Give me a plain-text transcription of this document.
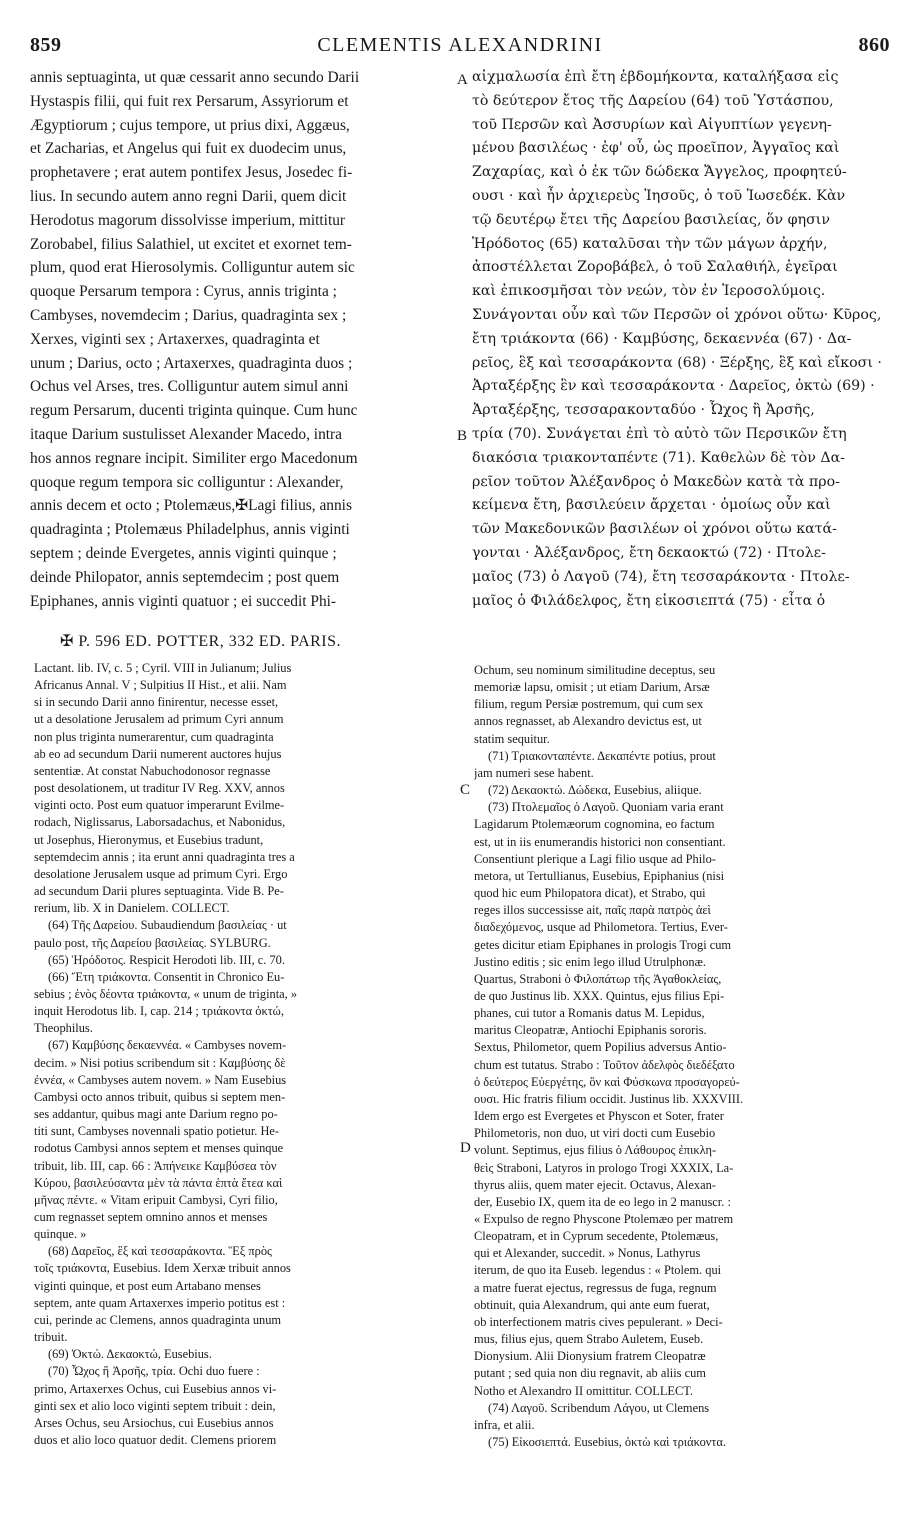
CLEMENTIS ALEXANDRINI
859	860
annis septuaginta, ut quæ cessarit anno secundo Darii
Hystaspis filii, qui fuit rex Persarum, Assyriorum et
Ægyptiorum ; cujus tempore, ut prius dixi, Aggæus,
et Zacharias, et Angelus qui fuit ex duodecim unus,
prophetavere ; erat autem pontifex Jesus, Josedec fi-
lius. In secundo autem anno regni Darii, quem dicit
Herodotus magorum dissolvisse imperium, mittitur
Zorobabel, filius Salathiel, ut excitet et exornet tem-
plum, quod erat Hierosolymis. Colliguntur autem sic
quoque Persarum tempora : Cyrus, annis triginta ;
Cambyses, novemdecim ; Darius, quadraginta sex ;
Xerxes, viginti sex ; Artaxerxes, quadraginta et
unum ; Darius, octo ; Artaxerxes, quadraginta duos ;
Ochus vel Arses, tres. Colliguntur autem simul anni
regum Persarum, ducenti triginta quinque. Cum hunc
itaque Darium sustulisset Alexander Macedo, intra
hos annos regnare incipit. Similiter ergo Macedonum
quoque regum tempora sic colliguntur : Alexander,
annis decem et octo ; Ptolemæus,✠Lagi filius, annis
quadraginta ; Ptolemæus Philadelphus, annis viginti
septem ; deinde Evergetes, annis viginti quinque ;
deinde Philopator, annis septemdecim ; post quem
Epiphanes, annis viginti quatuor ; ei succedit Phi-
αἰχμαλωσία ἐπὶ ἔτη ἑβδομήκοντα, καταλήξασα εἰς
τὸ δεύτερον ἔτος τῆς Δαρείου (64) τοῦ Ὑστάσπου,
τοῦ Περσῶν καὶ Ἀσσυρίων καὶ Αἰγυπτίων γεγενη-
μένου βασιλέως · ἐφ' οὗ, ὡς προεῖπον, Ἀγγαῖος καὶ
Ζαχαρίας, καὶ ὁ ἐκ τῶν δώδεκα Ἄγγελος, προφητεύ-
ουσι · καὶ ἦν ἀρχιερεὺς Ἰησοῦς, ὁ τοῦ Ἰωσεδέκ. Κὰν
τῷ δευτέρῳ ἔτει τῆς Δαρείου βασιλείας, ὅν φησιν
Ἡρόδοτος (65) καταλῦσαι τὴν τῶν μάγων ἀρχήν,
ἀποστέλλεται Ζοροβάβελ, ὁ τοῦ Σαλαθιήλ, ἐγεῖραι
καὶ ἐπικοσμῆσαι τὸν νεών, τὸν ἐν Ἱεροσολύμοις.
Συνάγονται οὖν καὶ τῶν Περσῶν οἱ χρόνοι οὕτω· Κῦρος,
ἔτη τριάκοντα (66) · Καμβύσης, δεκαεννέα (67) · Δα-
ρεῖος, ἓξ καὶ τεσσαράκοντα (68) · Ξέρξης, ἓξ καὶ εἴκοσι ·
Ἀρταξέρξης ἓν καὶ τεσσαράκοντα · Δαρεῖος, ὀκτὼ (69) ·
Ἀρταξέρξης, τεσσαρακονταδύο · Ὦχος ἢ Ἀρσῆς,
τρία (70). Συνάγεται ἐπὶ τὸ αὐτὸ τῶν Περσικῶν ἔτη
διακόσια τριακονταπέντε (71). Καθελὼν δὲ τὸν Δα-
ρεῖον τοῦτον Ἀλέξανδρος ὁ Μακεδὼν κατὰ τὰ προ-
κείμενα ἔτη, βασιλεύειν ἄρχεται · ὁμοίως οὖν καὶ
τῶν Μακεδονικῶν βασιλέων οἱ χρόνοι οὕτω κατά-
γονται · Ἀλέξανδρος, ἔτη δεκαοκτώ (72) · Πτολε-
μαῖος (73) ὁ Λαγοῦ (74), ἔτη τεσσαράκοντα · Πτολε-
μαῖος ὁ Φιλάδελφος, ἔτη εἰκοσιεπτά (75) · εἶτα ὁ
A
B
C
D
✠ P. 596 ED. POTTER, 332 ED. PARIS.
Lactant. lib. IV, c. 5 ; Cyril. VIII in Julianum; Julius
Africanus Annal. V ; Sulpitius II Hist., et alii. Nam
si in secundo Darii anno finirentur, necesse esset,
ut a desolatione Jerusalem ad primum Cyri annum
non plus triginta numerarentur, cum quadraginta
ab eo ad secundum Darii numerent auctores hujus
sententiæ. At constat Nabuchodonosor regnasse
post desolationem, ut traditur IV Reg. XXV, annos
viginti octo. Post eum quatuor imperarunt Evilme-
rodach, Niglissarus, Laborsadachus, et Nabonidus,
ut Josephus, Hieronymus, et Eusebius tradunt,
septemdecim annis ; ita erunt anni quadraginta tres a
desolatione Jerusalem usque ad primum Cyri. Ergo
ad secundum Darii plures septuaginta. Vide B. Pe-
rerium, lib. X in Danielem. COLLECT.
(64) Τῆς Δαρείου. Subaudiendum βασιλείας · ut
paulo post, τῆς Δαρείου βασιλείας. SYLBURG.
(65) Ἡρόδοτος. Respicit Herodoti lib. III, c. 70.
(66) Ἔτη τριάκοντα. Consentit in Chronico Eu-
sebius ; ἑνὸς δέοντα τριάκοντα, « unum de triginta, »
inquit Herodotus lib. I, cap. 214 ; τριάκοντα ὀκτώ,
Theophilus.
(67) Καμβύσης δεκαεννέα. « Cambyses novem-
decim. » Nisi potius scribendum sit : Καμβύσης δὲ
ἐννέα, « Cambyses autem novem. » Nam Eusebius
Cambysi octo annos tribuit, quibus si septem men-
ses addantur, quibus magi ante Darium regno po-
titi sunt, Cambyses novennali spatio potietur. He-
rodotus Cambysi annos septem et menses quinque
tribuit, lib. III, cap. 66 : Ἀπήνεικε Καμβύσεα τὸν
Κύρου, βασιλεύσαντα μὲν τὰ πάντα ἑπτὰ ἔτεα καὶ
μῆνας πέντε. « Vitam eripuit Cambysi, Cyri filio,
cum regnasset septem omnino annos et menses
quinque. »
(68) Δαρεῖος, ἓξ καὶ τεσσαράκοντα. Ἓξ πρὸς
τοῖς τριάκοντα, Eusebius. Idem Xerxæ tribuit annos
viginti quinque, et post eum Artabano menses
septem, ante quam Artaxerxes imperio potitus est :
cui, perinde ac Clemens, annos quadraginta unum
tribuit.
(69) Ὀκτώ. Δεκαοκτώ, Eusebius.
(70) Ὦχος ἢ Ἀρσῆς, τρία. Ochi duo fuere :
primo, Artaxerxes Ochus, cui Eusebius annos vi-
ginti sex et alio loco viginti septem tribuit : dein,
Arses Ochus, seu Arsiochus, cui Eusebius annos
duos et alio loco quatuor dedit. Clemens priorem
Ochum, seu nominum similitudine deceptus, seu
memoriæ lapsu, omisit ; ut etiam Darium, Arsæ
filium, regum Persiæ postremum, qui cum sex
annos regnasset, ab Alexandro devictus est, ut
statim sequitur.
(71) Τριακονταπέντε. Δεκαπέντε potius, prout
jam numeri sese habent.
(72) Δεκαοκτώ. Δώδεκα, Eusebius, aliique.
(73) Πτολεμαῖος ὁ Λαγοῦ. Quoniam varia erant
Lagidarum Ptolemæorum cognomina, eo factum
est, ut in iis enumerandis historici non consentiant.
Consentiunt plerique a Lagi filio usque ad Philo-
metora, ut Tertullianus, Eusebius, Epiphanius (nisi
quod hic eum Philopatora dicat), et Strabo, qui
reges illos successisse ait, παῖς παρὰ πατρὸς ἀεὶ
διαδεχόμενος, usque ad Philometora. Tertius, Ever-
getes dicitur etiam Epiphanes in prologis Trogi cum
Justino editis ; sic enim lego illud Utrulphonæ.
Quartus, Straboni ὁ Φιλοπάτωρ τῆς Ἀγαθοκλείας,
de quo Justinus lib. XXX. Quintus, ejus filius Epi-
phanes, cui tutor a Romanis datus M. Lepidus,
maritus Cleopatræ, Antiochi Epiphanis sororis.
Sextus, Philometor, quem Popilius adversus Antio-
chum est tutatus. Strabo : Τοῦτον ἀδελφὸς διεδέξατο
ὁ δεύτερος Εὐεργέτης, ὃν καὶ Φύσκωνα προσαγορεύ-
ουσι. Hic fratris filium occidit. Justinus lib. XXXVIII.
Idem ergo est Evergetes et Physcon et Soter, frater
Philometoris, non duo, ut viri docti cum Eusebio
volunt. Septimus, ejus filius ὁ Λάθουρος ἐπικλη-
θεὶς Straboni, Latyros in prologo Trogi XXXIX, La-
thyrus aliis, quem mater ejecit. Octavus, Alexan-
der, Eusebio IX, quem ita de eo lego in 2 manuscr. :
« Expulso de regno Physcone Ptolemæo per matrem
Cleopatram, et in Cyprum secedente, Ptolemæus,
qui et Alexander, succedit. » Nonus, Lathyrus
iterum, de quo ita Euseb. legendus : « Ptolem. qui
a matre fuerat ejectus, regressus de fuga, regnum
obtinuit, quia Alexandrum, qui ante eum fuerat,
ob interfectionem matris cives pepulerant. » Deci-
mus, filius ejus, quem Strabo Auletem, Euseb.
Dionysium. Alii Dionysium fratrem Cleopatræ
putant ; sed quia non diu regnavit, ab aliis cum
Notho et Alexandro II omittitur. COLLECT.
(74) Λαγοῦ. Scribendum Λάγου, ut Clemens
infra, et alii.
(75) Εἰκοσιεπτά. Eusebius, ὀκτὼ καὶ τριάκοντα.
